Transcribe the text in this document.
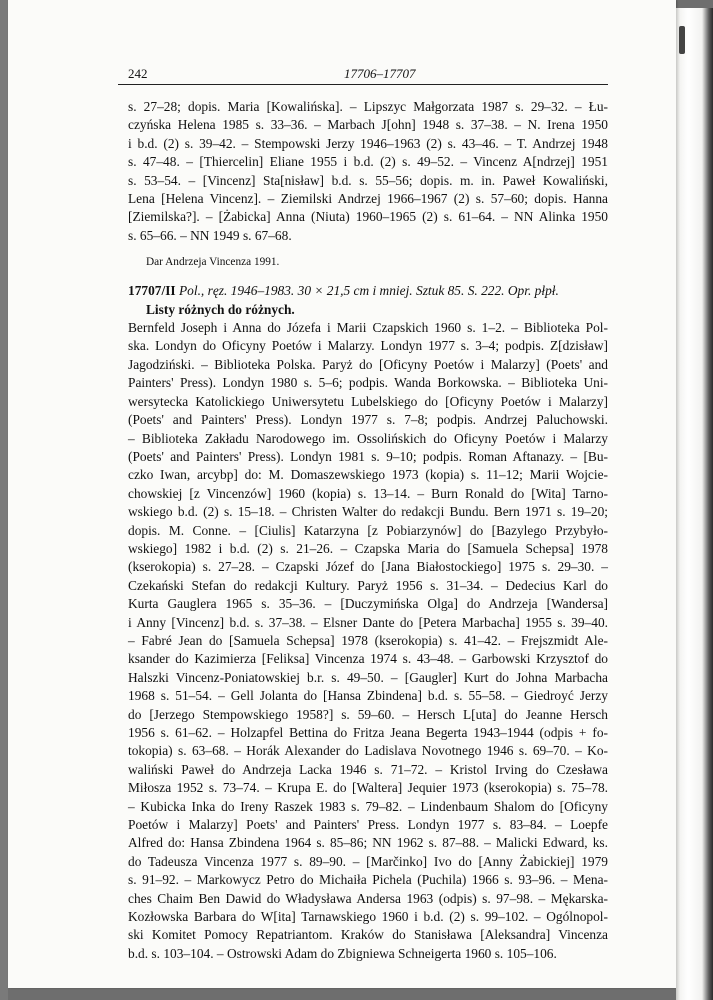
242	17706–17707
s. 27–28; dopis. Maria [Kowalińska]. – Lipszyc Małgorzata 1987 s. 29–32. – Łu-
czyńska Helena 1985 s. 33–36. – Marbach J[ohn] 1948 s. 37–38. – N. Irena 1950
i b.d. (2) s. 39–42. – Stempowski Jerzy 1946–1963 (2) s. 43–46. – T. Andrzej 1948
s. 47–48. – [Thiercelin] Eliane 1955 i b.d. (2) s. 49–52. – Vincenz A[ndrzej] 1951
s. 53–54. – [Vincenz] Sta[nisław] b.d. s. 55–56; dopis. m. in. Paweł Kowaliński,
Lena [Helena Vincenz]. – Ziemilski Andrzej 1966–1967 (2) s. 57–60; dopis. Hanna
[Ziemilska?]. – [Żabicka] Anna (Niuta) 1960–1965 (2) s. 61–64. – NN Alinka 1950
s. 65–66. – NN 1949 s. 67–68.
Dar Andrzeja Vincenza 1991.
17707/II Pol., ręz. 1946–1983. 30 × 21,5 cm i mniej. Sztuk 85. S. 222. Opr. płpł.
Listy różnych do różnych.
Bernfeld Joseph i Anna do Józefa i Marii Czapskich 1960 s. 1–2. – Biblioteka Pol-
ska. Londyn do Oficyny Poetów i Malarzy. Londyn 1977 s. 3–4; podpis. Z[dzisław]
Jagodziński. – Biblioteka Polska. Paryż do [Oficyny Poetów i Malarzy] (Poets' and
Painters' Press). Londyn 1980 s. 5–6; podpis. Wanda Borkowska. – Biblioteka Uni-
wersytecka Katolickiego Uniwersytetu Lubelskiego do [Oficyny Poetów i Malarzy]
(Poets' and Painters' Press). Londyn 1977 s. 7–8; podpis. Andrzej Paluchowski.
– Biblioteka Zakładu Narodowego im. Ossolińskich do Oficyny Poetów i Malarzy
(Poets' and Painters' Press). Londyn 1981 s. 9–10; podpis. Roman Aftanazy. – [Bu-
czko Iwan, arcybp] do: M. Domaszewskiego 1973 (kopia) s. 11–12; Marii Wojcie-
chowskiej [z Vincenzów] 1960 (kopia) s. 13–14. – Burn Ronald do [Wita] Tarno-
wskiego b.d. (2) s. 15–18. – Christen Walter do redakcji Bundu. Bern 1971 s. 19–20;
dopis. M. Conne. – [Ciulis] Katarzyna [z Pobiarzynów] do [Bazylego Przybyło-
wskiego] 1982 i b.d. (2) s. 21–26. – Czapska Maria do [Samuela Schepsa] 1978
(kserokopia) s. 27–28. – Czapski Józef do [Jana Białostockiego] 1975 s. 29–30. –
Czekański Stefan do redakcji Kultury. Paryż 1956 s. 31–34. – Dedecius Karl do
Kurta Gauglera 1965 s. 35–36. – [Duczymińska Olga] do Andrzeja [Wandersa]
i Anny [Vincenz] b.d. s. 37–38. – Elsner Dante do [Petera Marbacha] 1955 s. 39–40.
– Fabré Jean do [Samuela Schepsa] 1978 (kserokopia) s. 41–42. – Frejszmidt Ale-
ksander do Kazimierza [Feliksa] Vincenza 1974 s. 43–48. – Garbowski Krzysztof do
Halszki Vincenz-Poniatowskiej b.r. s. 49–50. – [Gaugler] Kurt do Johna Marbacha
1968 s. 51–54. – Gell Jolanta do [Hansa Zbindena] b.d. s. 55–58. – Giedroyć Jerzy
do [Jerzego Stempowskiego 1958?] s. 59–60. – Hersch L[uta] do Jeanne Hersch
1956 s. 61–62. – Holzapfel Bettina do Fritza Jeana Begerta 1943–1944 (odpis + fo-
tokopia) s. 63–68. – Horák Alexander do Ladislava Novotnego 1946 s. 69–70. – Ko-
waliński Paweł do Andrzeja Lacka 1946 s. 71–72. – Kristol Irving do Czesława
Miłosza 1952 s. 73–74. – Krupa E. do [Waltera] Jequier 1973 (kserokopia) s. 75–78.
– Kubicka Inka do Ireny Raszek 1983 s. 79–82. – Lindenbaum Shalom do [Oficyny
Poetów i Malarzy] Poets' and Painters' Press. Londyn 1977 s. 83–84. – Loepfe
Alfred do: Hansa Zbindena 1964 s. 85–86; NN 1962 s. 87–88. – Malicki Edward, ks.
do Tadeusza Vincenza 1977 s. 89–90. – [Marčinko] Ivo do [Anny Żabickiej] 1979
s. 91–92. – Markowycz Petro do Michaiła Pichela (Puchila) 1966 s. 93–96. – Mena-
ches Chaim Ben Dawid do Władysława Andersa 1963 (odpis) s. 97–98. – Mękarska-
Kozłowska Barbara do W[ita] Tarnawskiego 1960 i b.d. (2) s. 99–102. – Ogólnopol-
ski Komitet Pomocy Repatriantom. Kraków do Stanisława [Aleksandra] Vincenza
b.d. s. 103–104. – Ostrowski Adam do Zbigniewa Schneigerta 1960 s. 105–106.
